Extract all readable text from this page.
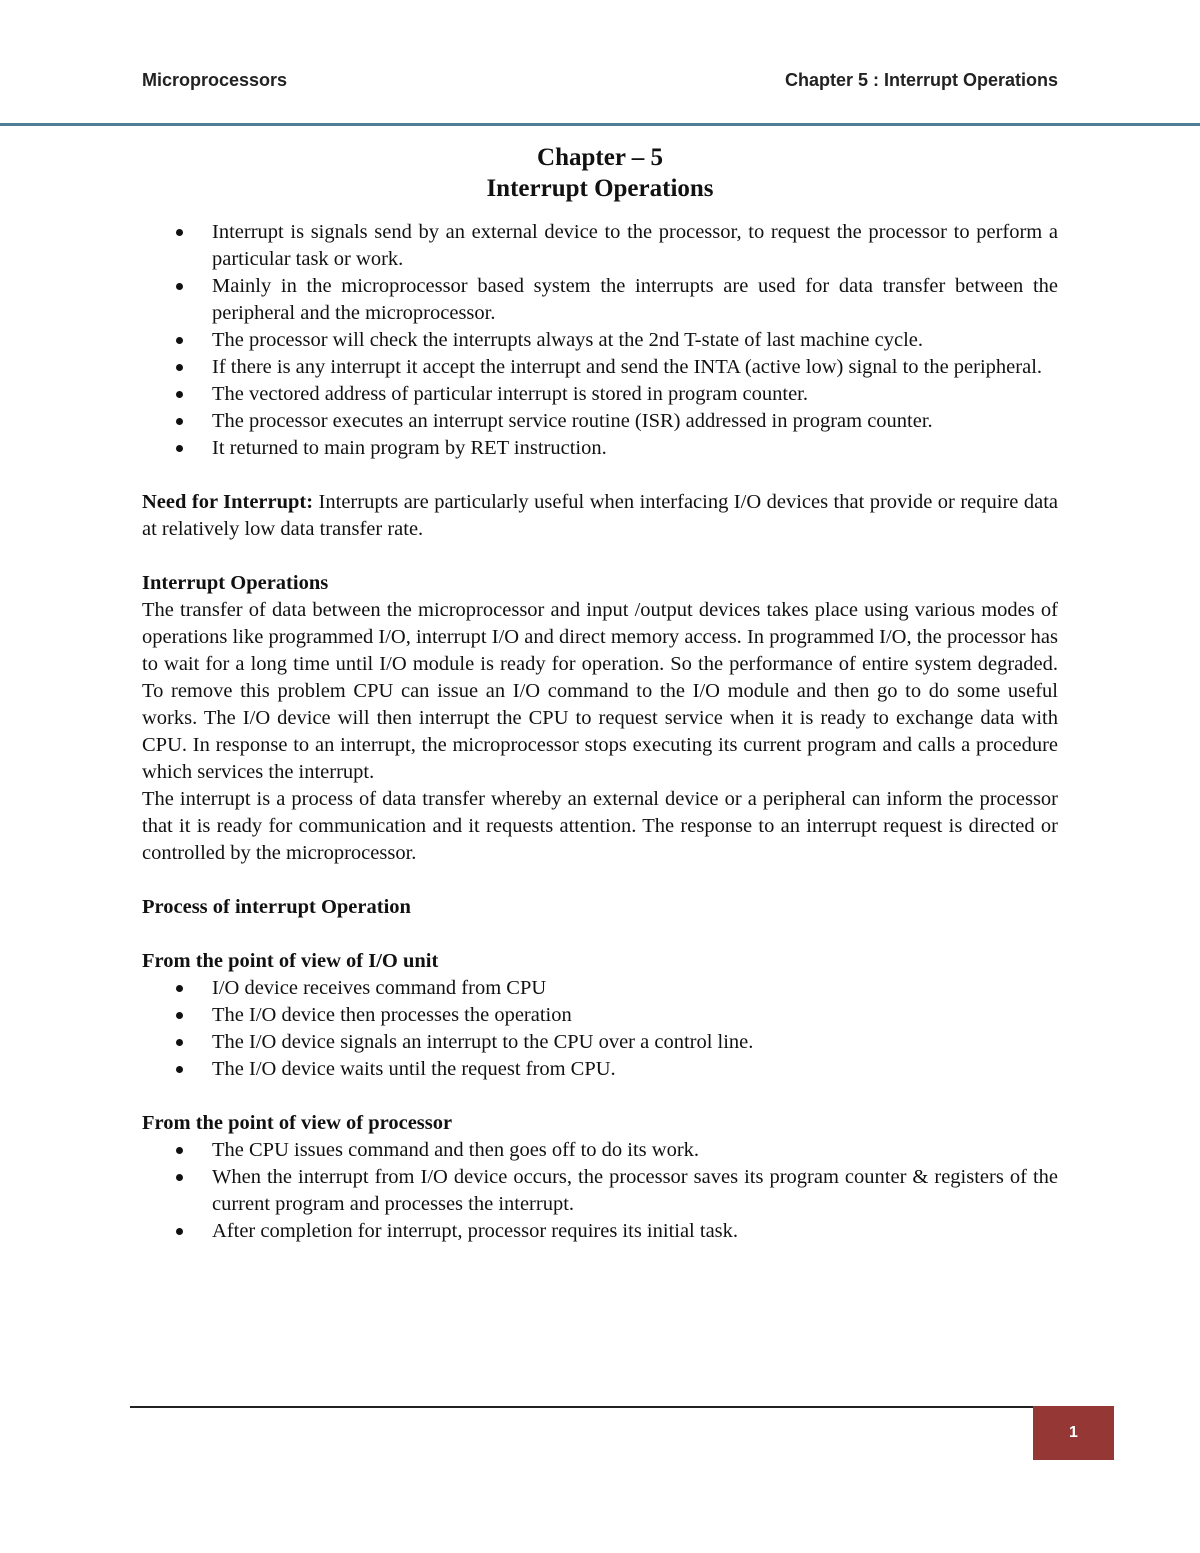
Microprocessors	Chapter 5 : Interrupt Operations
Chapter – 5
Interrupt Operations
Interrupt is signals send by an external device to the processor, to request the processor to perform a particular task or work.
Mainly in the microprocessor based system the interrupts are used for data transfer between the peripheral and the microprocessor.
The processor will check the interrupts always at the 2nd T-state of last machine cycle.
If there is any interrupt it accept the interrupt and send the INTA (active low) signal to the peripheral.
The vectored address of particular interrupt is stored in program counter.
The processor executes an interrupt service routine (ISR) addressed in program counter.
It returned to main program by RET instruction.

Need for Interrupt: Interrupts are particularly useful when interfacing I/O devices that provide or require data at relatively low data transfer rate.

Interrupt Operations

The transfer of data between the microprocessor and input /output devices takes place using various modes of operations like programmed I/O, interrupt I/O and direct memory access. In programmed I/O, the processor has to wait for a long time until I/O module is ready for operation. So the performance of entire system degraded. To remove this problem CPU can issue an I/O command to the I/O module and then go to do some useful works. The I/O device will then interrupt the CPU to request service when it is ready to exchange data with CPU. In response to an interrupt, the microprocessor stops executing its current program and calls a procedure which services the interrupt.

The interrupt is a process of data transfer whereby an external device or a peripheral can inform the processor that it is ready for communication and it requests attention. The response to an interrupt request is directed or controlled by the microprocessor.

Process of interrupt Operation

From the point of view of I/O unit

I/O device receives command from CPU
The I/O device then processes the operation
The I/O device signals an interrupt to the CPU over a control line.
The I/O device waits until the request from CPU.

From the point of view of processor

The CPU issues command and then goes off to do its work.
When the interrupt from I/O device occurs, the processor saves its program counter & registers of the current program and processes the interrupt.
After completion for interrupt, processor requires its initial task.
1
